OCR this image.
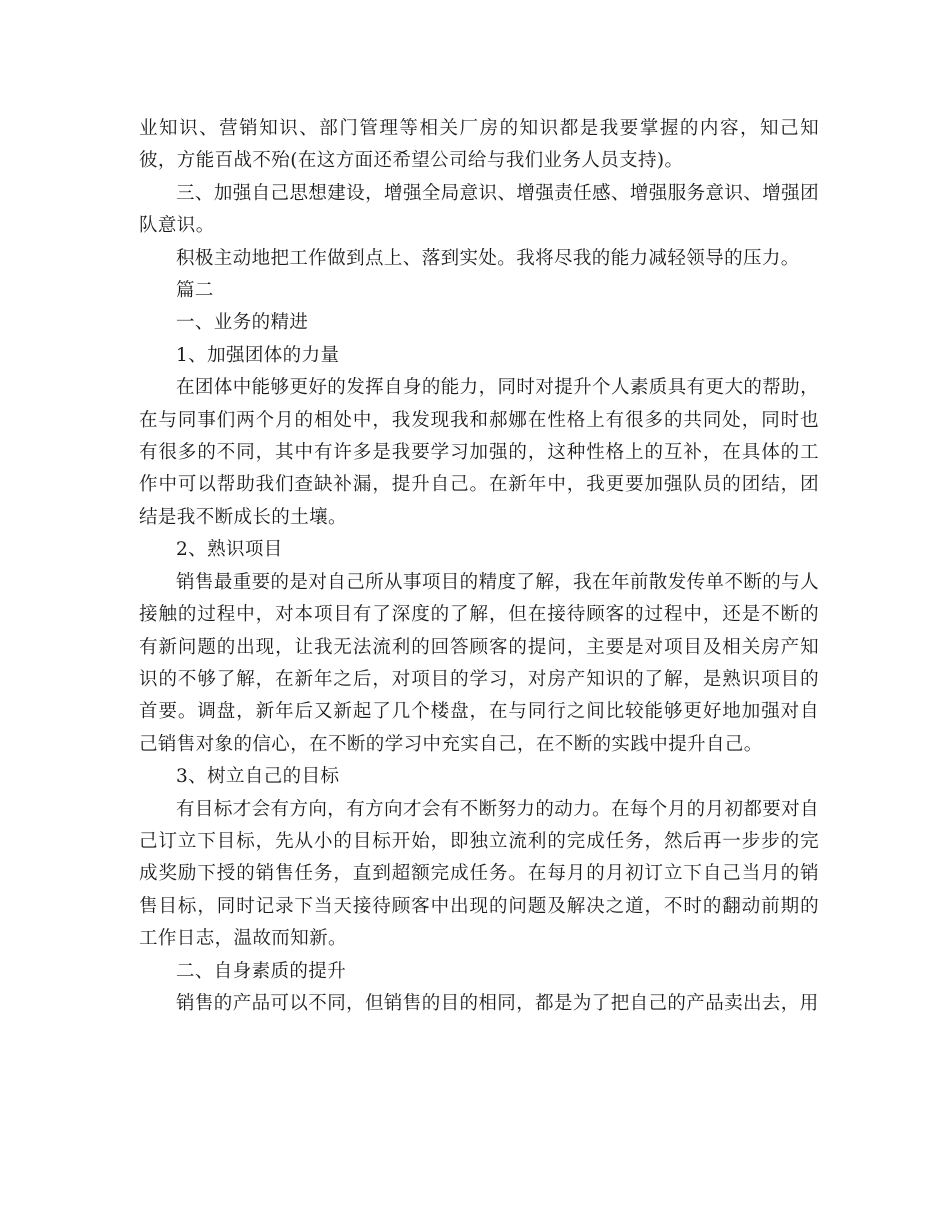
业知识、营销知识、部门管理等相关厂房的知识都是我要掌握的内容，知己知彼，方能百战不殆(在这方面还希望公司给与我们业务人员支持)。

三、加强自己思想建设，增强全局意识、增强责任感、增强服务意识、增强团队意识。

积极主动地把工作做到点上、落到实处。我将尽我的能力减轻领导的压力。

篇二

一、业务的精进

1、加强团体的力量

在团体中能够更好的发挥自身的能力，同时对提升个人素质具有更大的帮助，在与同事们两个月的相处中，我发现我和郝娜在性格上有很多的共同处，同时也有很多的不同，其中有许多是我要学习加强的，这种性格上的互补，在具体的工作中可以帮助我们查缺补漏，提升自己。在新年中，我更要加强队员的团结，团结是我不断成长的土壤。

2、熟识项目

销售最重要的是对自己所从事项目的精度了解，我在年前散发传单不断的与人接触的过程中，对本项目有了深度的了解，但在接待顾客的过程中，还是不断的有新问题的出现，让我无法流利的回答顾客的提问，主要是对项目及相关房产知识的不够了解，在新年之后，对项目的学习，对房产知识的了解，是熟识项目的首要。调盘，新年后又新起了几个楼盘，在与同行之间比较能够更好地加强对自己销售对象的信心，在不断的学习中充实自己，在不断的实践中提升自己。

3、树立自己的目标

有目标才会有方向，有方向才会有不断努力的动力。在每个月的月初都要对自己订立下目标，先从小的目标开始，即独立流利的完成任务，然后再一步步的完成奖励下授的销售任务，直到超额完成任务。在每月的月初订立下自己当月的销售目标，同时记录下当天接待顾客中出现的问题及解决之道，不时的翻动前期的工作日志，温故而知新。

二、自身素质的提升

销售的产品可以不同，但销售的目的相同，都是为了把自己的产品卖出去，用
